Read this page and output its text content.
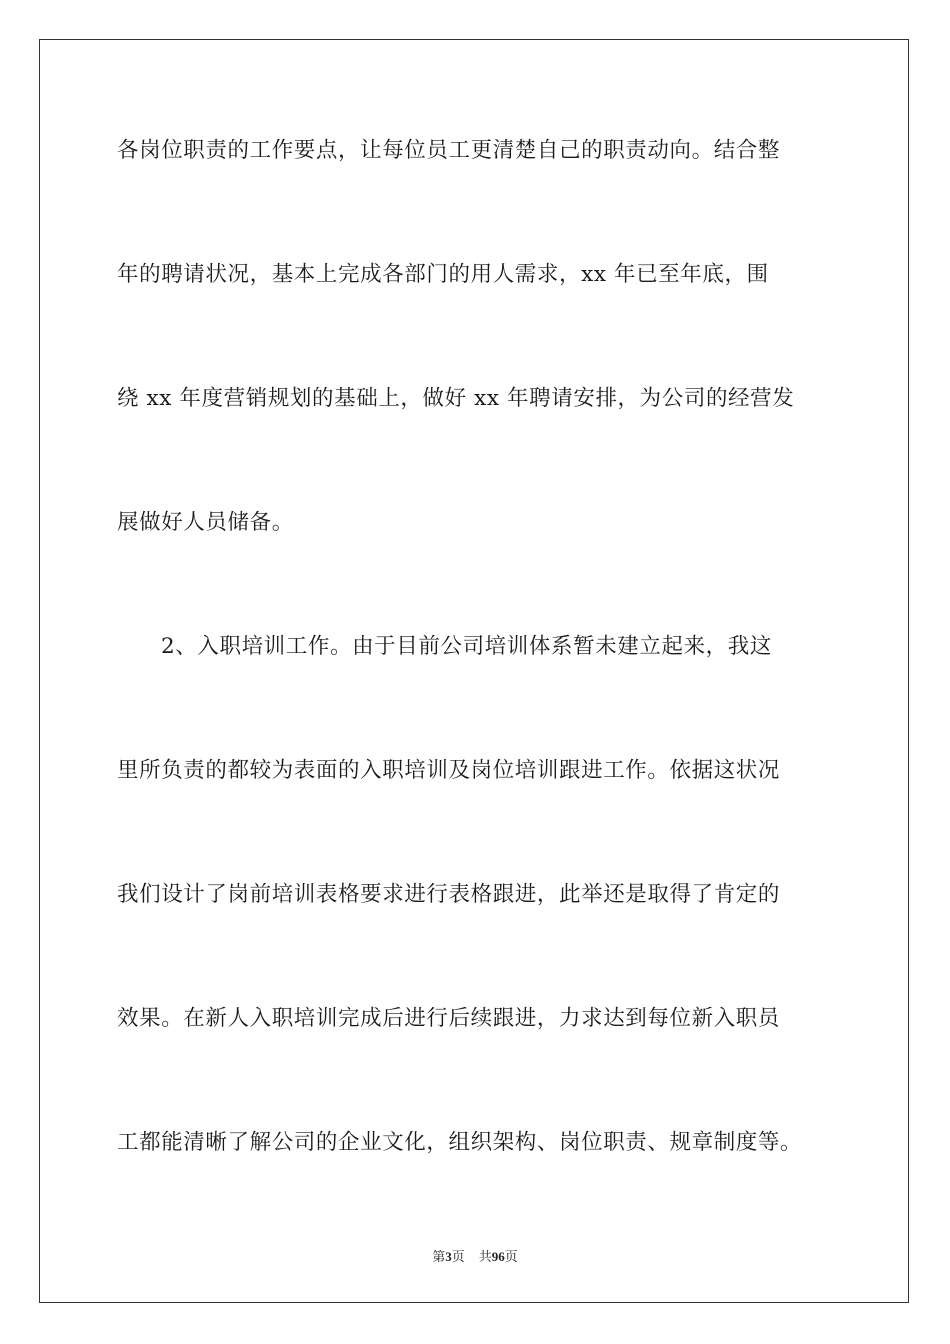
各岗位职责的工作要点，让每位员工更清楚自己的职责动向。结合整
年的聘请状况，基本上完成各部门的用人需求，xx 年已至年底，围
绕 xx 年度营销规划的基础上，做好 xx 年聘请安排，为公司的经营发
展做好人员储备。
2、入职培训工作。由于目前公司培训体系暂未建立起来，我这
里所负责的都较为表面的入职培训及岗位培训跟进工作。依据这状况
我们设计了岗前培训表格要求进行表格跟进，此举还是取得了肯定的
效果。在新人入职培训完成后进行后续跟进，力求达到每位新入职员
工都能清晰了解公司的企业文化，组织架构、岗位职责、规章制度等。
第3页 共96页
